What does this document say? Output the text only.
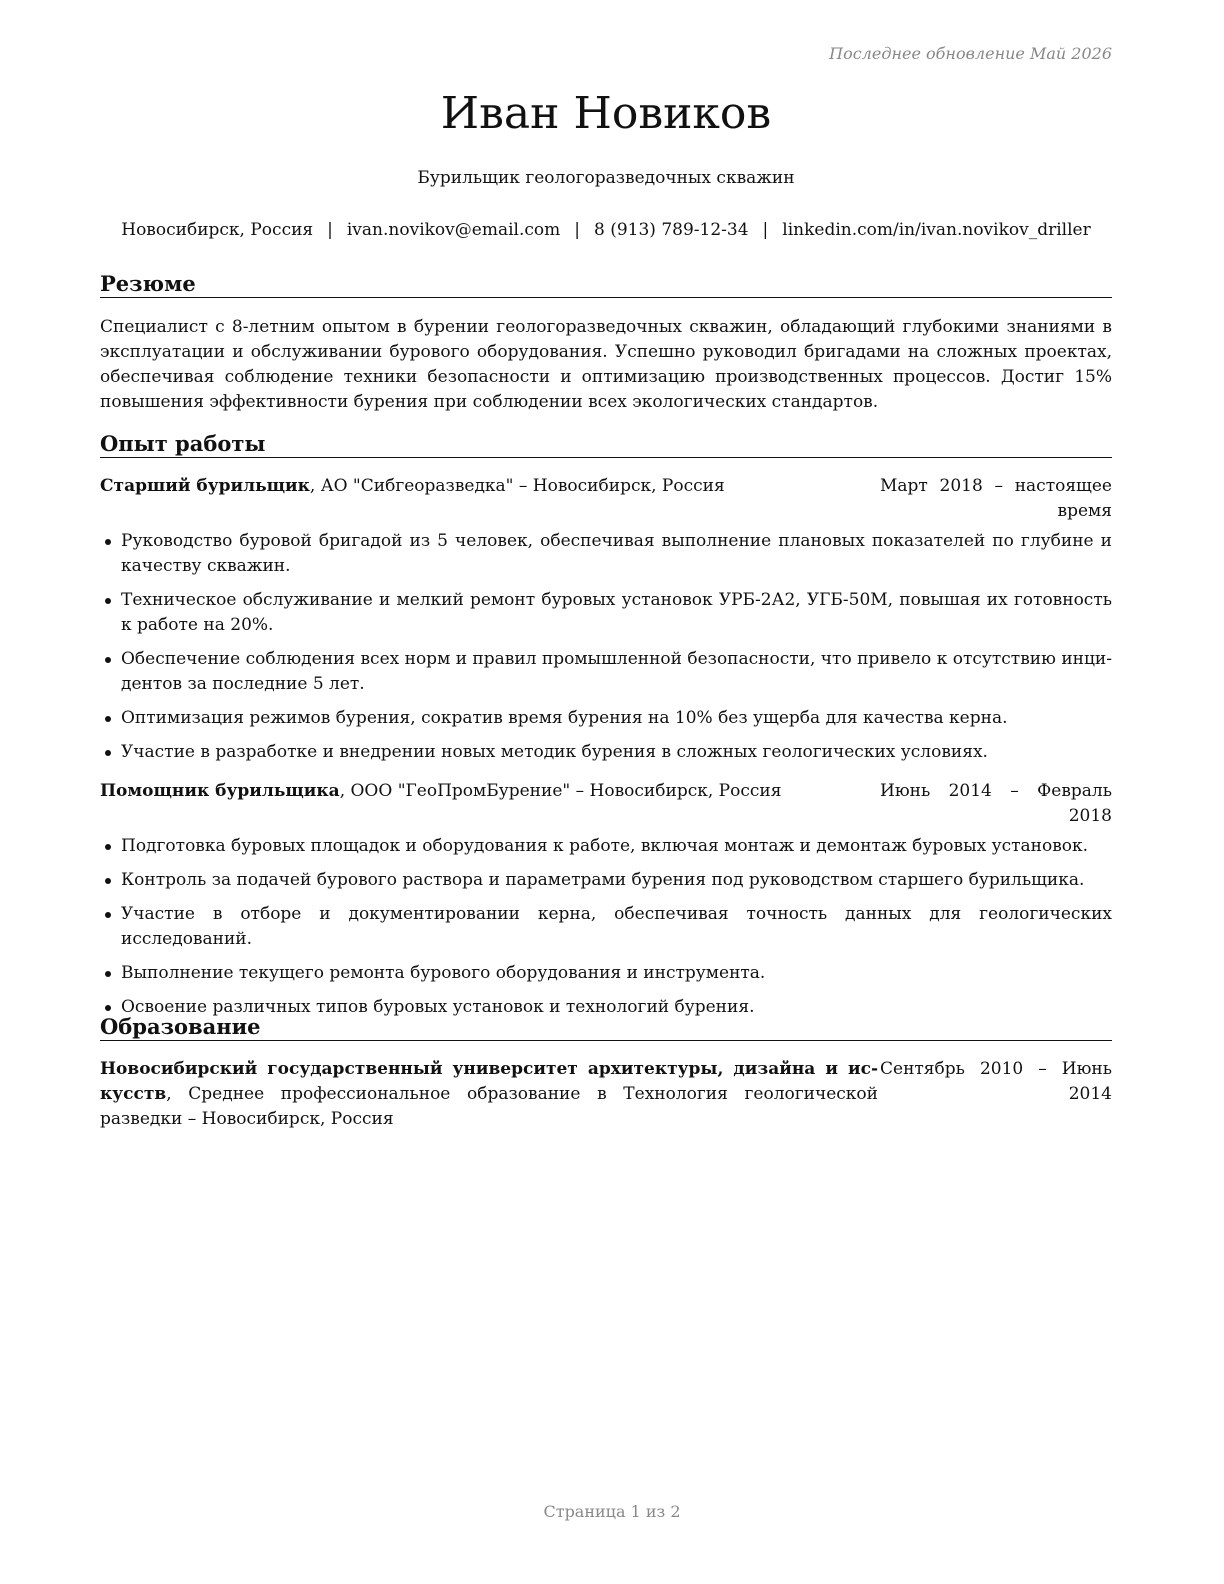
Последнее обновление Май 2026
Иван Новиков
Бурильщик геологоразведочных скважин
Новосибирск, Россия | ivan.novikov@email.com | 8 (913) 789-12-34 | linkedin.com/in/ivan.novikov_driller
Резюме
Специалист с 8-летним опытом в бурении геологоразведочных скважин, обладающий глубокими знаниями в эксплуатации и обслуживании бурового оборудования. Успешно руководил бригадами на сложных проектах, обеспечивая соблюдение техники безопасности и оптимизацию производственных процессов. Достиг 15% повышения эффективности бурения при соблюдении всех экологических стандартов.
Опыт работы
Старший бурильщик, АО "Сибгеоразведка" – Новосибирск, Россия	Март 2018 – настоящее время
Руководство буровой бригадой из 5 человек, обеспечивая выполнение плановых показателей по глубине и качеству скважин.
Техническое обслуживание и мелкий ремонт буровых установок УРБ-2А2, УГБ-50М, повышая их готовность к работе на 20%.
Обеспечение соблюдения всех норм и правил промышленной безопасности, что привело к отсутствию инцидентов за последние 5 лет.
Оптимизация режимов бурения, сократив время бурения на 10% без ущерба для качества керна.
Участие в разработке и внедрении новых методик бурения в сложных геологических условиях.
Помощник бурильщика, ООО "ГеоПромБурение" – Новосибирск, Россия	Июнь 2014 – Февраль 2018
Подготовка буровых площадок и оборудования к работе, включая монтаж и демонтаж буровых установок.
Контроль за подачей бурового раствора и параметрами бурения под руководством старшего бурильщика.
Участие в отборе и документировании керна, обеспечивая точность данных для геологических исследований.
Выполнение текущего ремонта бурового оборудования и инструмента.
Освоение различных типов буровых установок и технологий бурения.
Образование
Новосибирский государственный университет архитектуры, дизайна и искусств, Среднее профессиональное образование в Технология геологической разведки – Новосибирск, Россия
Сентябрь 2010 – Июнь 2014
Страница 1 из 2
